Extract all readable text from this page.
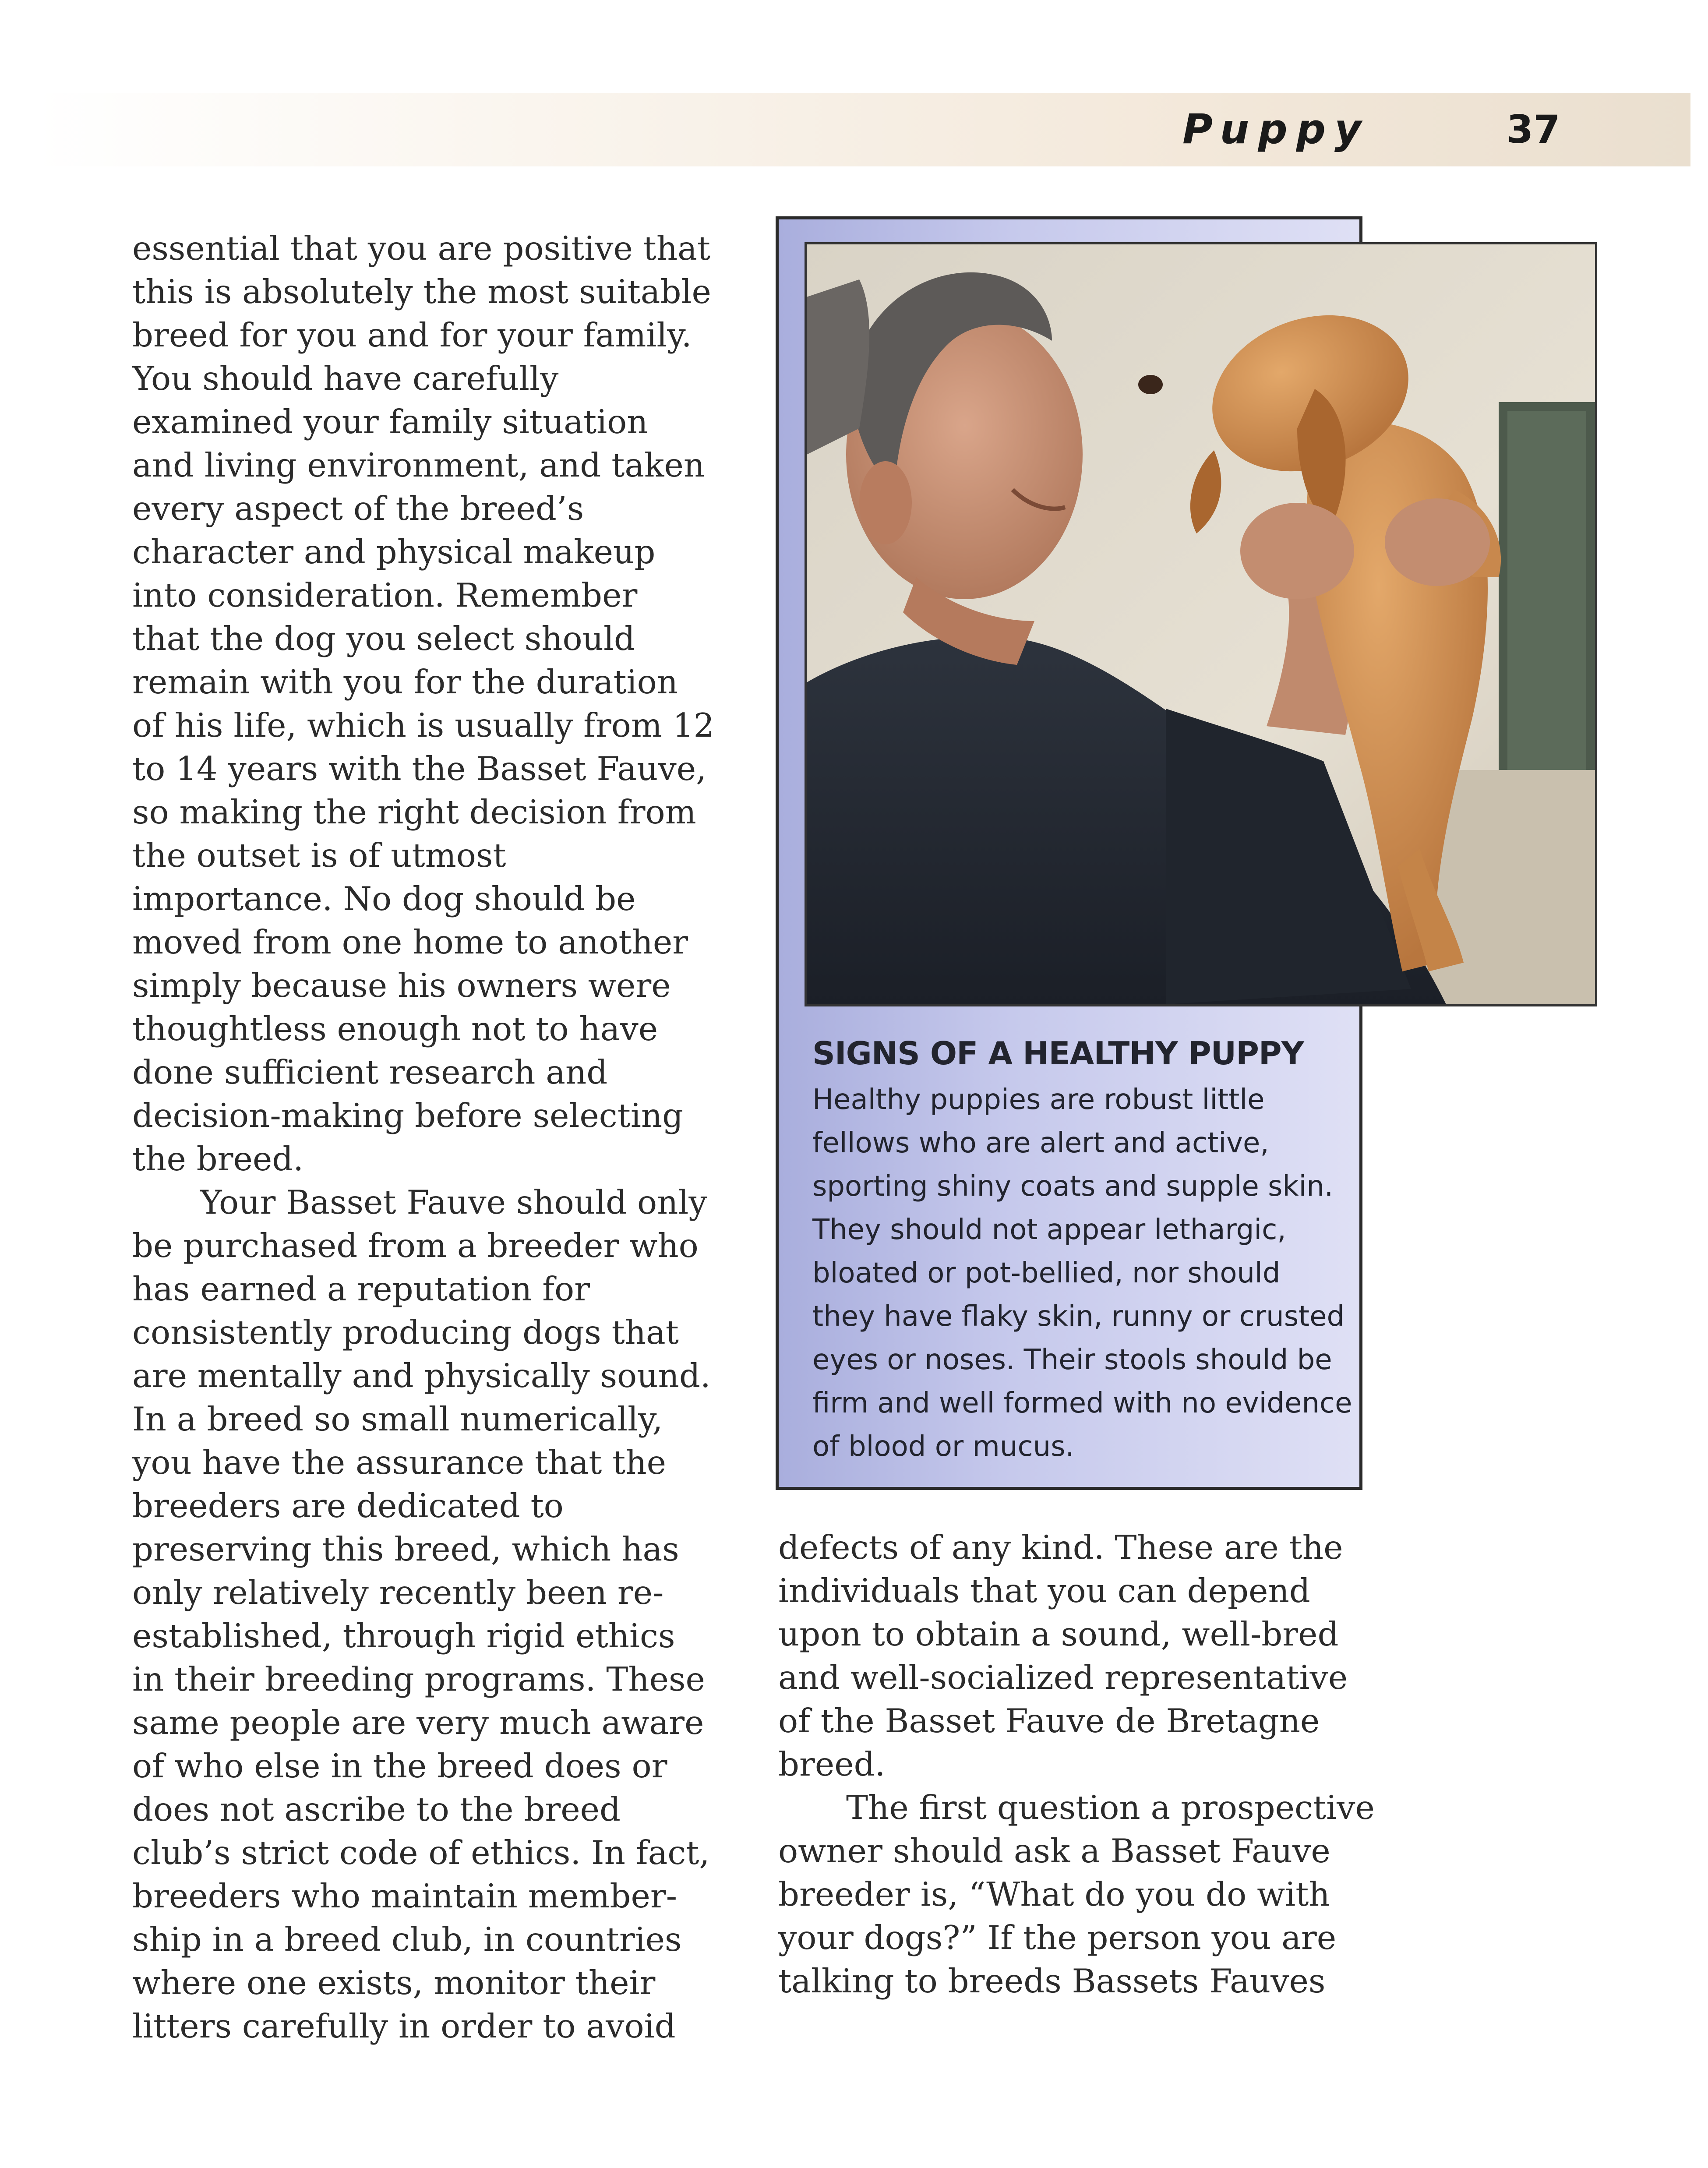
Puppy	37

essential that you are positive that this is absolutely the most suitable breed for you and for your family. You should have carefully examined your family situation and living environment, and taken every aspect of the breed’s character and physical makeup into consideration. Remember that the dog you select should remain with you for the duration of his life, which is usually from 12 to 14 years with the Basset Fauve, so making the right decision from the outset is of utmost importance. No dog should be moved from one home to another simply because his owners were thoughtless enough not to have done sufficient research and decision-making before selecting the breed.

Your Basset Fauve should only be purchased from a breeder who has earned a reputation for consistently producing dogs that are mentally and physically sound. In a breed so small numerically, you have the assurance that the breeders are dedicated to preserving this breed, which has only relatively recently been reestablished, through rigid ethics in their breeding programs. These same people are very much aware of who else in the breed does or does not ascribe to the breed club’s strict code of ethics. In fact, breeders who maintain membership in a breed club, in countries where one exists, monitor their litters carefully in order to avoid

SIGNS OF A HEALTHY PUPPY
Healthy puppies are robust little
fellows who are alert and active,
sporting shiny coats and supple skin.
They should not appear lethargic,
bloated or pot-bellied, nor should
they have flaky skin, runny or crusted
eyes or noses. Their stools should be
firm and well formed with no evidence
of blood or mucus.

defects of any kind. These are the individuals that you can depend upon to obtain a sound, well-bred and well-socialized representative of the Basset Fauve de Bretagne breed.

The first question a prospective owner should ask a Basset Fauve breeder is, “What do you do with your dogs?” If the person you are talking to breeds Bassets Fauves
